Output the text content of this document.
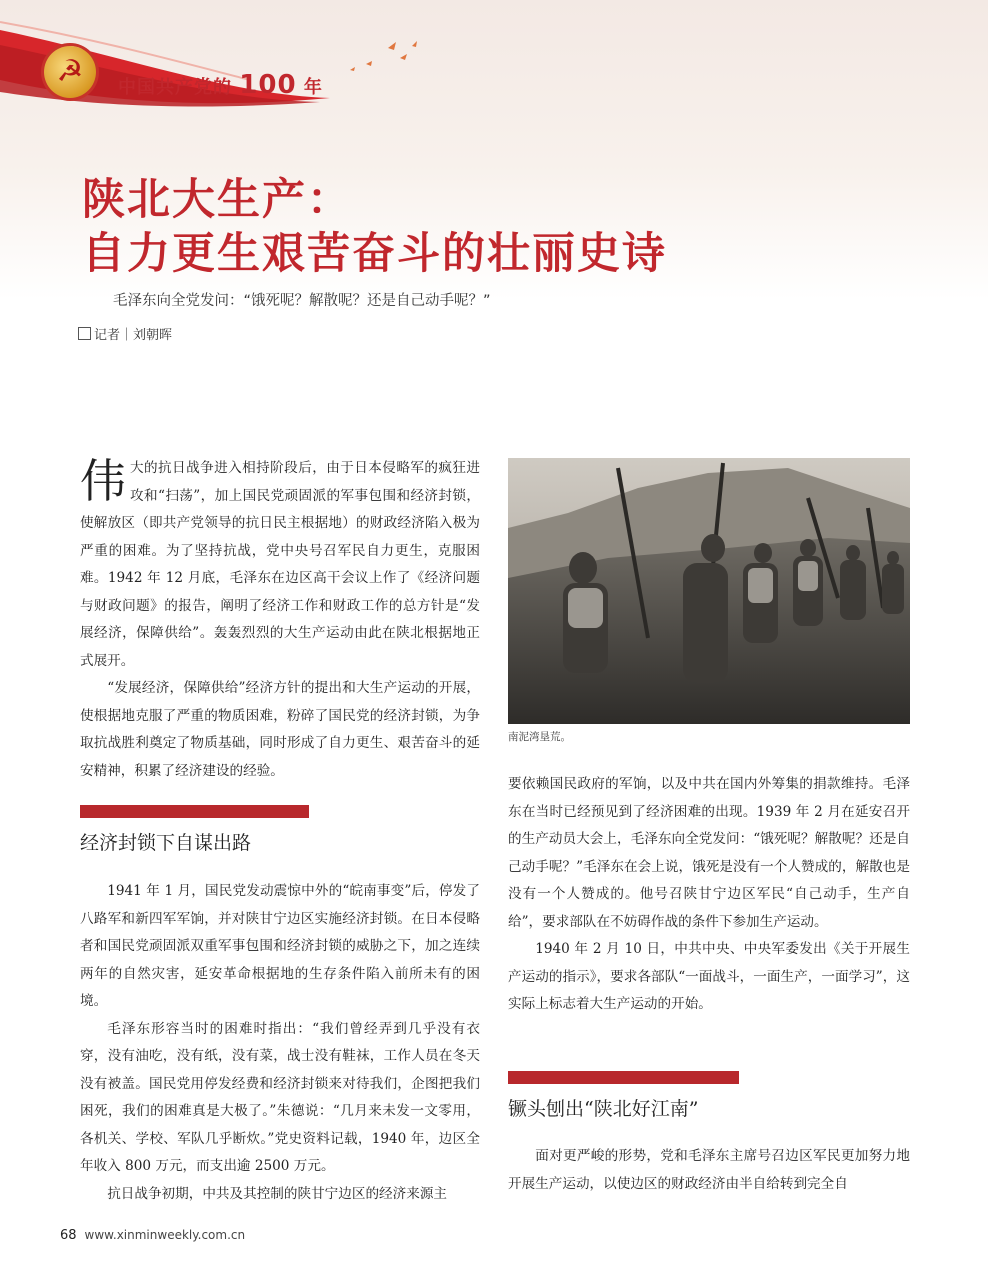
☭	中国共产党的 100 年
陕北大生产：
自力更生艰苦奋斗的壮丽史诗
毛泽东向全党发问：“饿死呢？解散呢？还是自己动手呢？”
记者｜刘朝晖

伟大的抗日战争进入相持阶段后，由于日本侵略军的疯狂进攻和“扫荡”，加上国民党顽固派的军事包围和经济封锁，使解放区（即共产党领导的抗日民主根据地）的财政经济陷入极为严重的困难。为了坚持抗战，党中央号召军民自力更生，克服困难。1942 年 12 月底，毛泽东在边区高干会议上作了《经济问题与财政问题》的报告，阐明了经济工作和财政工作的总方针是“发展经济，保障供给”。轰轰烈烈的大生产运动由此在陕北根据地正式展开。

“发展经济，保障供给”经济方针的提出和大生产运动的开展，使根据地克服了严重的物质困难，粉碎了国民党的经济封锁，为争取抗战胜利奠定了物质基础，同时形成了自力更生、艰苦奋斗的延安精神，积累了经济建设的经验。

经济封锁下自谋出路

1941 年 1 月，国民党发动震惊中外的“皖南事变”后，停发了八路军和新四军军饷，并对陕甘宁边区实施经济封锁。在日本侵略者和国民党顽固派双重军事包围和经济封锁的威胁之下，加之连续两年的自然灾害，延安革命根据地的生存条件陷入前所未有的困境。

毛泽东形容当时的困难时指出：“我们曾经弄到几乎没有衣穿，没有油吃，没有纸，没有菜，战士没有鞋袜，工作人员在冬天没有被盖。国民党用停发经费和经济封锁来对待我们，企图把我们困死，我们的困难真是大极了。”朱德说：“几月来未发一文零用，各机关、学校、军队几乎断炊。”党史资料记载，1940 年，边区全年收入 800 万元，而支出逾 2500 万元。

抗日战争初期，中共及其控制的陕甘宁边区的经济来源主

南泥湾垦荒。

要依赖国民政府的军饷，以及中共在国内外筹集的捐款维持。毛泽东在当时已经预见到了经济困难的出现。1939 年 2 月在延安召开的生产动员大会上，毛泽东向全党发问：“饿死呢？解散呢？还是自己动手呢？”毛泽东在会上说，饿死是没有一个人赞成的，解散也是没有一个人赞成的。他号召陕甘宁边区军民“自己动手，生产自给”，要求部队在不妨碍作战的条件下参加生产运动。

1940 年 2 月 10 日，中共中央、中央军委发出《关于开展生产运动的指示》，要求各部队“一面战斗，一面生产，一面学习”，这实际上标志着大生产运动的开始。

镢头刨出“陕北好江南”

面对更严峻的形势，党和毛泽东主席号召边区军民更加努力地开展生产运动，以使边区的财政经济由半自给转到完全自

68 www.xinminweekly.com.cn
